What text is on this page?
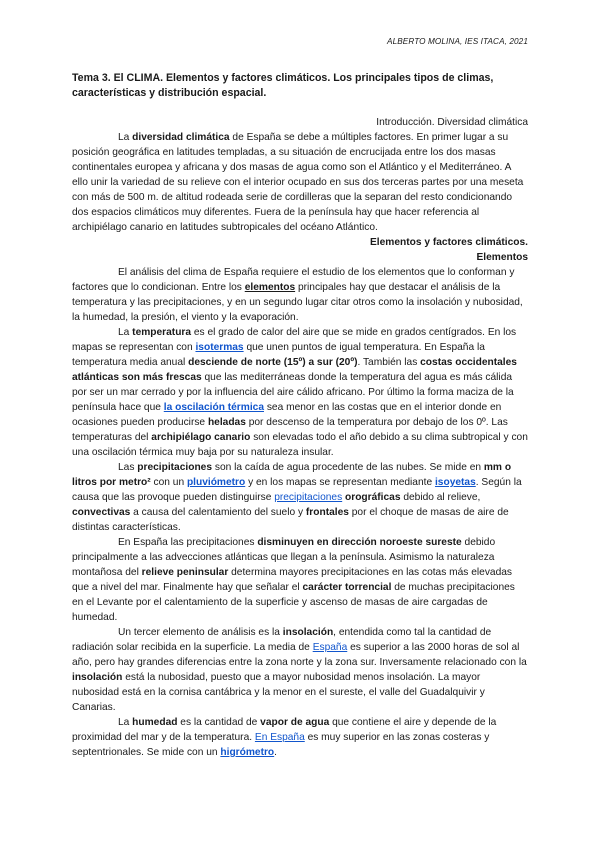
ALBERTO MOLINA, IES ITACA, 2021
Tema 3. El CLIMA. Elementos y factores climáticos. Los principales tipos de climas, características y distribución espacial.

Introducción. Diversidad climática

La diversidad climática de España se debe a múltiples factores. En primer lugar a su posición geográfica en latitudes templadas, a su situación de encrucijada entre los dos masas continentales europea y africana y dos masas de agua como son el Atlántico y el Mediterráneo. A ello unir la variedad de su relieve con el interior ocupado en sus dos terceras partes por una meseta con más de 500 m. de altitud rodeada serie de cordilleras que la separan del resto condicionando dos espacios climáticos muy diferentes. Fuera de la península hay que hacer referencia al archipiélago canario en latitudes subtropicales del océano Atlántico.

Elementos y factores climáticos.

Elementos

El análisis del clima de España requiere el estudio de los elementos que lo conforman y factores que lo condicionan. Entre los elementos principales hay que destacar el análisis de la temperatura y las precipitaciones, y en un segundo lugar citar otros como la insolación y nubosidad, la humedad, la presión, el viento y la evaporación.

La temperatura es el grado de calor del aire que se mide en grados centígrados. En los mapas se representan con isotermas que unen puntos de igual temperatura. En España la temperatura media anual desciende de norte (15º) a sur (20º). También las costas occidentales atlánticas son más frescas que las mediterráneas donde la temperatura del agua es más cálida por ser un mar cerrado y por la influencia del aire cálido africano. Por último la forma maciza de la península hace que la oscilación térmica sea menor en las costas que en el interior donde en ocasiones pueden producirse heladas por descenso de la temperatura por debajo de los 0º. Las temperaturas del archipiélago canario son elevadas todo el año debido a su clima subtropical y con una oscilación térmica muy baja por su naturaleza insular.

Las precipitaciones son la caída de agua procedente de las nubes. Se mide en mm o litros por metro² con un pluviómetro y en los mapas se representan mediante isoyetas. Según la causa que las provoque pueden distinguirse precipitaciones orográficas debido al relieve, convectivas a causa del calentamiento del suelo y frontales por el choque de masas de aire de distintas características.

En España las precipitaciones disminuyen en dirección noroeste sureste debido principalmente a las advecciones atlánticas que llegan a la península. Asimismo la naturaleza montañosa del relieve peninsular determina mayores precipitaciones en las cotas más elevadas que a nivel del mar. Finalmente hay que señalar el carácter torrencial de muchas precipitaciones en el Levante por el calentamiento de la superficie y ascenso de masas de aire cargadas de humedad.

Un tercer elemento de análisis es la insolación, entendida como tal la cantidad de radiación solar recibida en la superficie. La media de España es superior a las 2000 horas de sol al año, pero hay grandes diferencias entre la zona norte y la zona sur. Inversamente relacionado con la insolación está la nubosidad, puesto que a mayor nubosidad menos insolación. La mayor nubosidad está en la cornisa cantábrica y la menor en el sureste, el valle del Guadalquivir y Canarias.

La humedad es la cantidad de vapor de agua que contiene el aire y depende de la proximidad del mar y de la temperatura. En España es muy superior en las zonas costeras y septentrionales. Se mide con un higrómetro.
